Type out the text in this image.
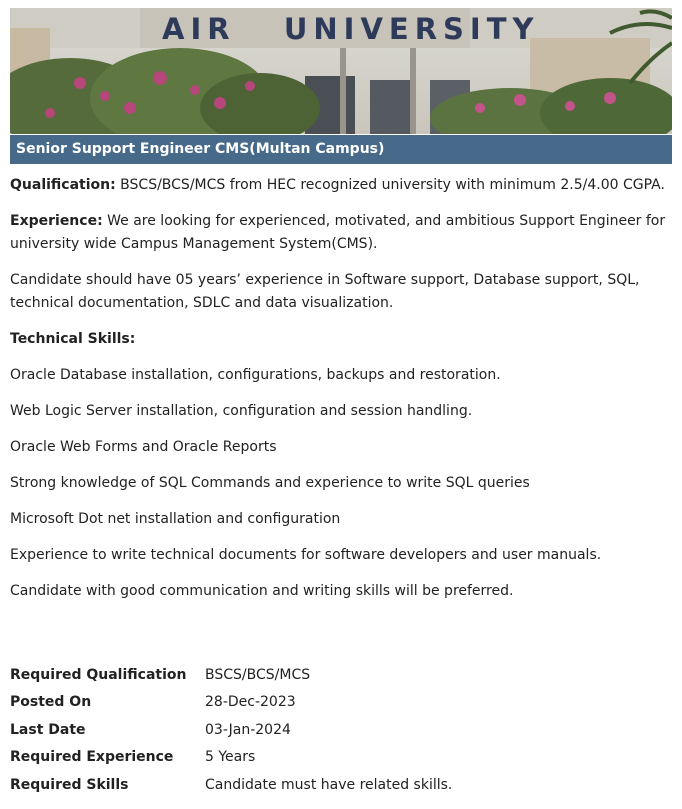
AIR   UNIVERSITY
Senior Support Engineer CMS(Multan Campus)

Qualification: BSCS/BCS/MCS from HEC recognized university with minimum 2.5/4.00 CGPA.

Experience: We are looking for experienced, motivated, and ambitious Support Engineer for university wide Campus Management System(CMS).

Candidate should have 05 years’ experience in Software support, Database support, SQL, technical documentation, SDLC and data visualization.

Technical Skills:

Oracle Database installation, configurations, backups and restoration.

Web Logic Server installation, configuration and session handling.

Oracle Web Forms and Oracle Reports

Strong knowledge of SQL Commands and experience to write SQL queries

Microsoft Dot net installation and configuration

Experience to write technical documents for software developers and user manuals.

Candidate with good communication and writing skills will be preferred.

Required Qualification	BSCS/BCS/MCS
Posted On	28-Dec-2023
Last Date	03-Jan-2024
Required Experience	5 Years
Required Skills	Candidate must have related skills.
